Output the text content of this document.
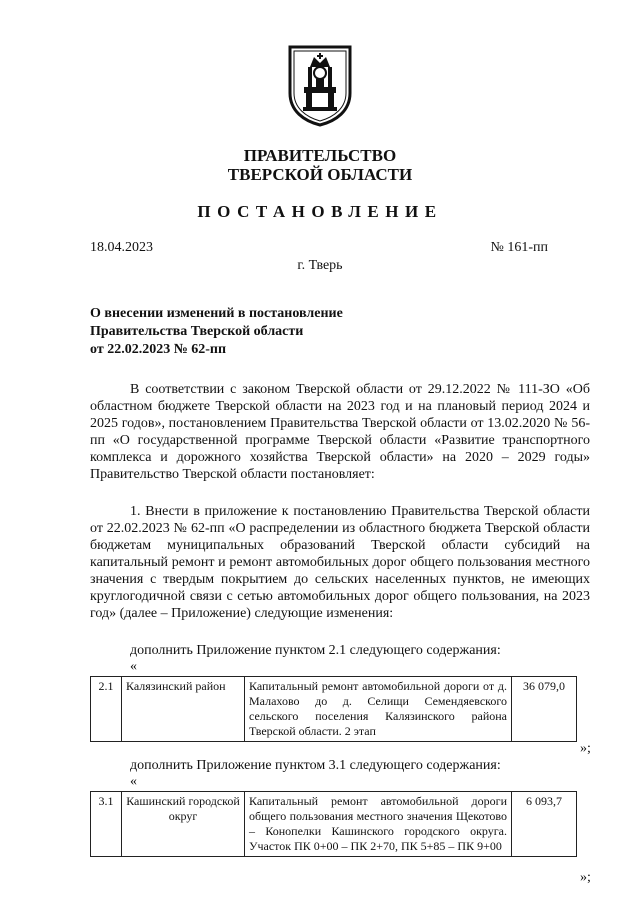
ПРАВИТЕЛЬСТВО
ТВЕРСКОЙ ОБЛАСТИ
ПОСТАНОВЛЕНИЕ
18.04.2023	№ 161-пп
г. Тверь
О внесении изменений в постановление
Правительства Тверской области
от 22.02.2023 № 62-пп

В соответствии с законом Тверской области от 29.12.2022 № 111-ЗО «Об областном бюджете Тверской области на 2023 год и на плановый период 2024 и 2025 годов», постановлением Правительства Тверской области от 13.02.2020 № 56-пп «О государственной программе Тверской области «Развитие транспортного комплекса и дорожного хозяйства Тверской области» на 2020 – 2029 годы» Правительство Тверской области постановляет:

1. Внести в приложение к постановлению Правительства Тверской области от 22.02.2023 № 62-пп «О распределении из областного бюджета Тверской области бюджетам муниципальных образований Тверской области субсидий на капитальный ремонт и ремонт автомобильных дорог общего пользования местного значения с твердым покрытием до сельских населенных пунктов, не имеющих круглогодичной связи с сетью автомобильных дорог общего пользования, на 2023 год» (далее – Приложение) следующие изменения:

дополнить Приложение пунктом 2.1 следующего содержания:
«
2.1	Калязинский район	Капитальный ремонт автомобильной дороги от д. Малахово до д. Селищи Семендяевского сельского поселения Калязинского района Тверской области. 2 этап	36 079,0
»;
дополнить Приложение пунктом 3.1 следующего содержания:
«
3.1	Кашинский городской округ	Капитальный ремонт автомобильной дороги общего пользования местного значения Щекотово – Конопелки Кашинского городского округа. Участок ПК 0+00 – ПК 2+70, ПК 5+85 – ПК 9+00	6 093,7
»;
